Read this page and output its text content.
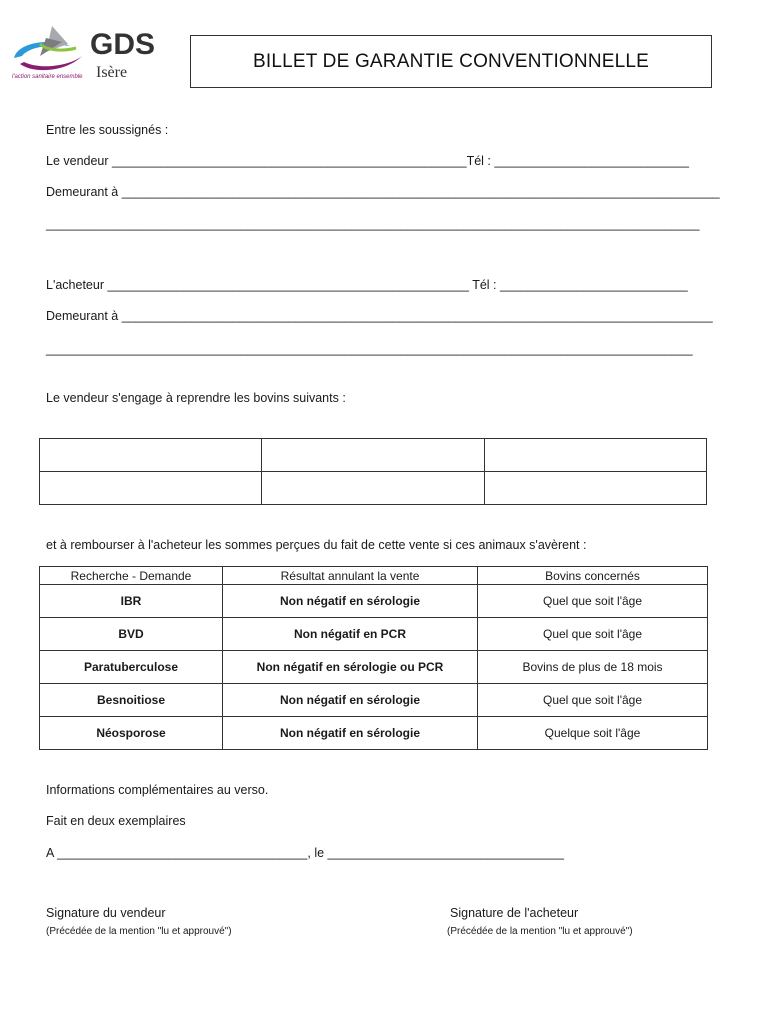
GDS
Isère
l'action sanitaire ensemble
BILLET DE GARANTIE CONVENTIONNELLE
Entre les soussignés :
Le vendeur ___________________________________________________Tél : ____________________________
Demeurant à ______________________________________________________________________________________
______________________________________________________________________________________________
L'acheteur ____________________________________________________ Tél : ___________________________
Demeurant à _____________________________________________________________________________________
_____________________________________________________________________________________________
Le vendeur s'engage à reprendre les bovins suivants :

et à rembourser à l'acheteur les sommes perçues du fait de cette vente si ces animaux s'avèrent :
Recherche - Demande	Résultat annulant la vente	Bovins concernés
IBR	Non négatif en sérologie	Quel que soit l'âge
BVD	Non négatif en PCR	Quel que soit l'âge
Paratuberculose	Non négatif en sérologie ou PCR	Bovins de plus de 18 mois
Besnoitiose	Non négatif en sérologie	Quel que soit l'âge
Néosporose	Non négatif en sérologie	Quelque soit l'âge
Informations complémentaires au verso.
Fait en deux exemplaires
A ____________________________________, le __________________________________
Signature du vendeur
(Précédée de la mention "lu et approuvé")
Signature de l'acheteur
(Précédée de la mention "lu et approuvé")
